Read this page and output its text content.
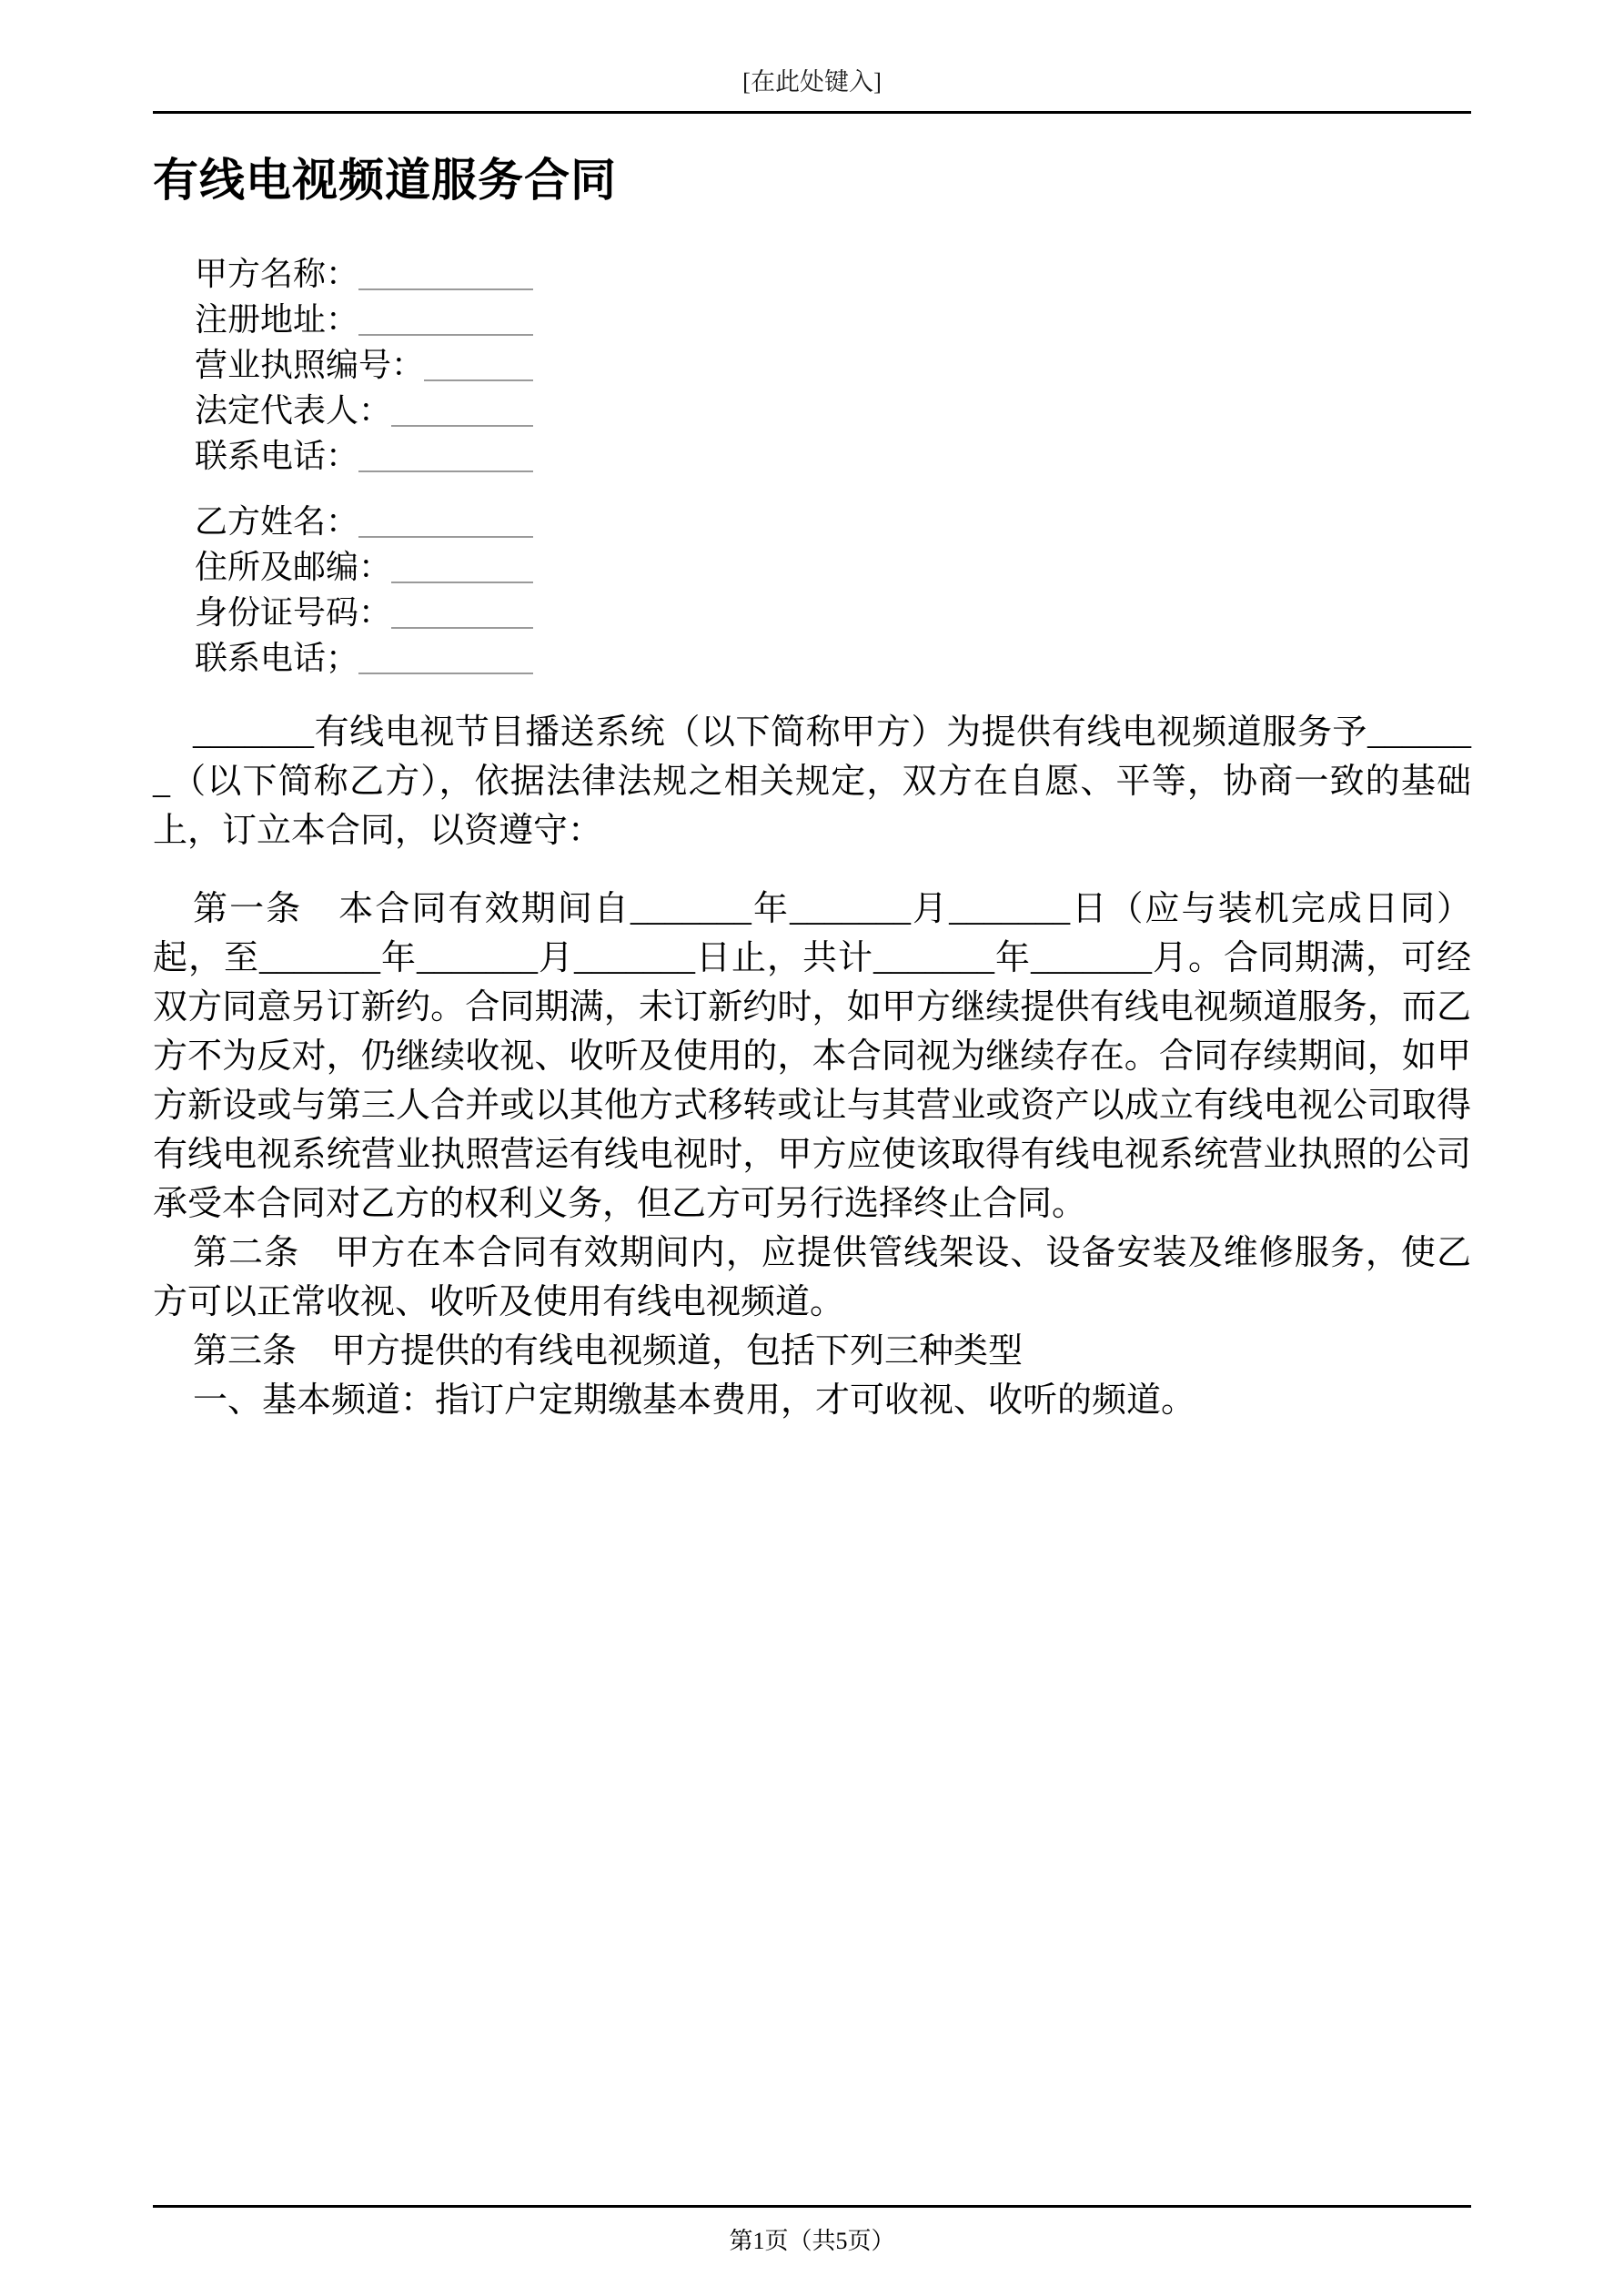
[在此处键入]
有线电视频道服务合同
甲方名称：
注册地址：
营业执照编号：
法定代表人：
联系电话：
乙方姓名：
住所及邮编：
身份证号码：
联系电话；

_______有线电视节目播送系统（以下简称甲方）为提供有线电视频道服务予_______（以下简称乙方），依据法律法规之相关规定，双方在自愿、平等，协商一致的基础上，订立本合同，以资遵守：

第一条　本合同有效期间自_______年_______月_______日（应与装机完成日同）起，至_______年_______月_______日止，共计_______年_______月。合同期满，可经双方同意另订新约。合同期满，未订新约时，如甲方继续提供有线电视频道服务，而乙方不为反对，仍继续收视、收听及使用的，本合同视为继续存在。合同存续期间，如甲方新设或与第三人合并或以其他方式移转或让与其营业或资产以成立有线电视公司取得有线电视系统营业执照营运有线电视时，甲方应使该取得有线电视系统营业执照的公司承受本合同对乙方的权利义务，但乙方可另行选择终止合同。

第二条　甲方在本合同有效期间内，应提供管线架设、设备安装及维修服务，使乙方可以正常收视、收听及使用有线电视频道。

第三条　甲方提供的有线电视频道，包括下列三种类型

一、基本频道：指订户定期缴基本费用，才可收视、收听的频道。

第1页（共5页）
